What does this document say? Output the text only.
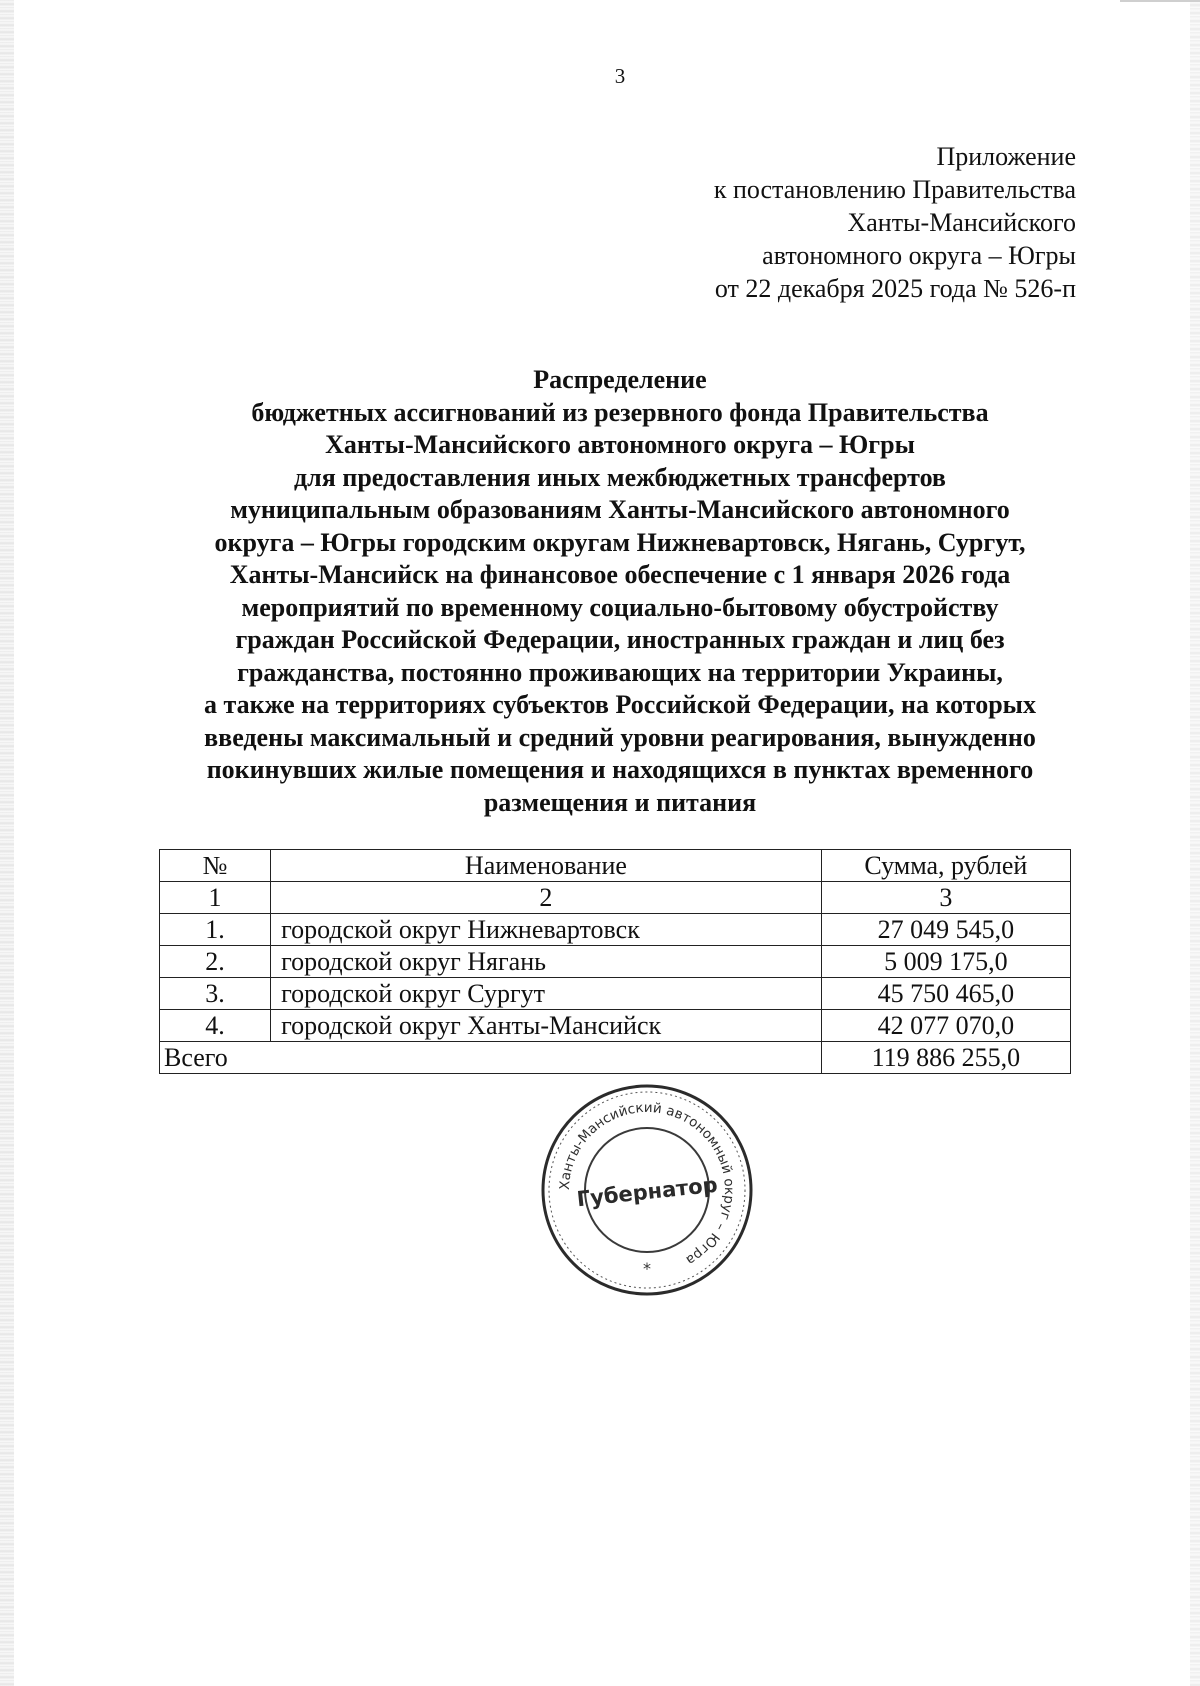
3
Приложение
к постановлению Правительства
Ханты-Мансийского
автономного округа – Югры
от 22 декабря 2025 года № 526-п
Распределение
бюджетных ассигнований из резервного фонда Правительства
Ханты-Мансийского автономного округа – Югры
для предоставления иных межбюджетных трансфертов
муниципальным образованиям Ханты-Мансийского автономного
округа – Югры городским округам Нижневартовск, Нягань, Сургут,
Ханты-Мансийск на финансовое обеспечение с 1 января 2026 года
мероприятий по временному социально-бытовому обустройству
граждан Российской Федерации, иностранных граждан и лиц без
гражданства, постоянно проживающих на территории Украины,
а также на территориях субъектов Российской Федерации, на которых
введены максимальный и средний уровни реагирования, вынужденно
покинувших жилые помещения и находящихся в пунктах временного
размещения и питания
№	Наименование	Сумма, рублей
1	2	3
1.	городской округ Нижневартовск	27 049 545,0
2.	городской округ Нягань	5 009 175,0
3.	городской округ Сургут	45 750 465,0
4.	городской округ Ханты-Мансийск	42 077 070,0
Всего		119 886 255,0
Ханты-Мансийский автономный округ – Югра
Губернатор
*
